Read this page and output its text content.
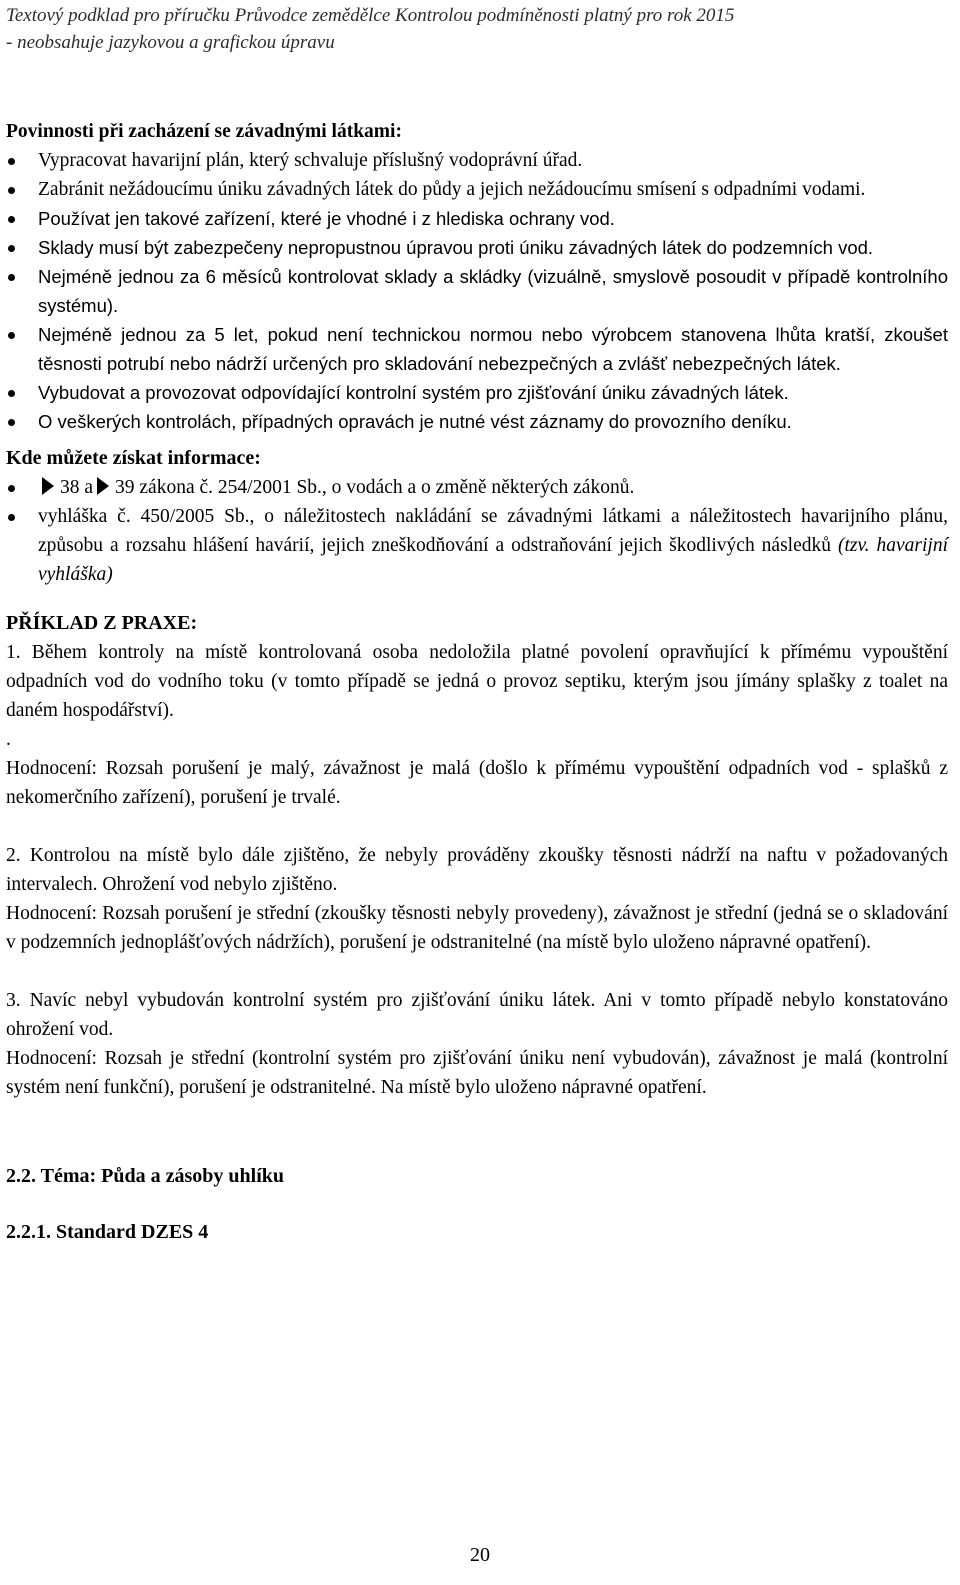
Textový podklad pro příručku Průvodce zemědělce Kontrolou podmíněnosti platný pro rok 2015
- neobsahuje jazykovou a grafickou úpravu

Povinnosti při zacházení se závadnými látkami:

Vypracovat havarijní plán, který schvaluje příslušný vodoprávní úřad.
Zabránit nežádoucímu úniku závadných látek do půdy a jejich nežádoucímu smísení s odpadními vodami.
Používat jen takové zařízení, které je vhodné i z hlediska ochrany vod.
Sklady musí být zabezpečeny nepropustnou úpravou proti úniku závadných látek do podzemních vod.
Nejméně jednou za 6 měsíců kontrolovat sklady a skládky (vizuálně, smyslově posoudit v případě kontrolního systému).
Nejméně jednou za 5 let, pokud není technickou normou nebo výrobcem stanovena lhůta kratší, zkoušet těsnosti potrubí nebo nádrží určených pro skladování nebezpečných a zvlášť nebezpečných látek.
Vybudovat a provozovat odpovídající kontrolní systém pro zjišťování úniku závadných látek.
O veškerých kontrolách, případných opravách je nutné vést záznamy do provozního deníku.

Kde můžete získat informace:

38 a 39 zákona č. 254/2001 Sb., o vodách a o změně některých zákonů.
vyhláška č. 450/2005 Sb., o náležitostech nakládání se závadnými látkami a náležitostech havarijního plánu, způsobu a rozsahu hlášení havárií, jejich zneškodňování a odstraňování jejich škodlivých následků (tzv. havarijní vyhláška)

PŘÍKLAD Z PRAXE:

1. Během kontroly na místě kontrolovaná osoba nedoložila platné povolení opravňující k přímému vypouštění odpadních vod do vodního toku (v tomto případě se jedná o provoz septiku, kterým jsou jímány splašky z toalet na daném hospodářství).

.

Hodnocení: Rozsah porušení je malý, závažnost je malá (došlo k přímému vypouštění odpadních vod - splašků z nekomerčního zařízení), porušení je trvalé.

2. Kontrolou na místě bylo dále zjištěno, že nebyly prováděny zkoušky těsnosti nádrží na naftu v požadovaných intervalech. Ohrožení vod nebylo zjištěno.

Hodnocení: Rozsah porušení je střední (zkoušky těsnosti nebyly provedeny), závažnost je střední (jedná se o skladování v podzemních jednoplášťových nádržích), porušení je odstranitelné (na místě bylo uloženo nápravné opatření).

3. Navíc nebyl vybudován kontrolní systém pro zjišťování úniku látek. Ani v tomto případě nebylo konstatováno ohrožení vod.

Hodnocení: Rozsah je střední (kontrolní systém pro zjišťování úniku není vybudován), závažnost je malá (kontrolní systém není funkční), porušení je odstranitelné. Na místě bylo uloženo nápravné opatření.

2.2. Téma: Půda a zásoby uhlíku

2.2.1. Standard DZES 4

20
